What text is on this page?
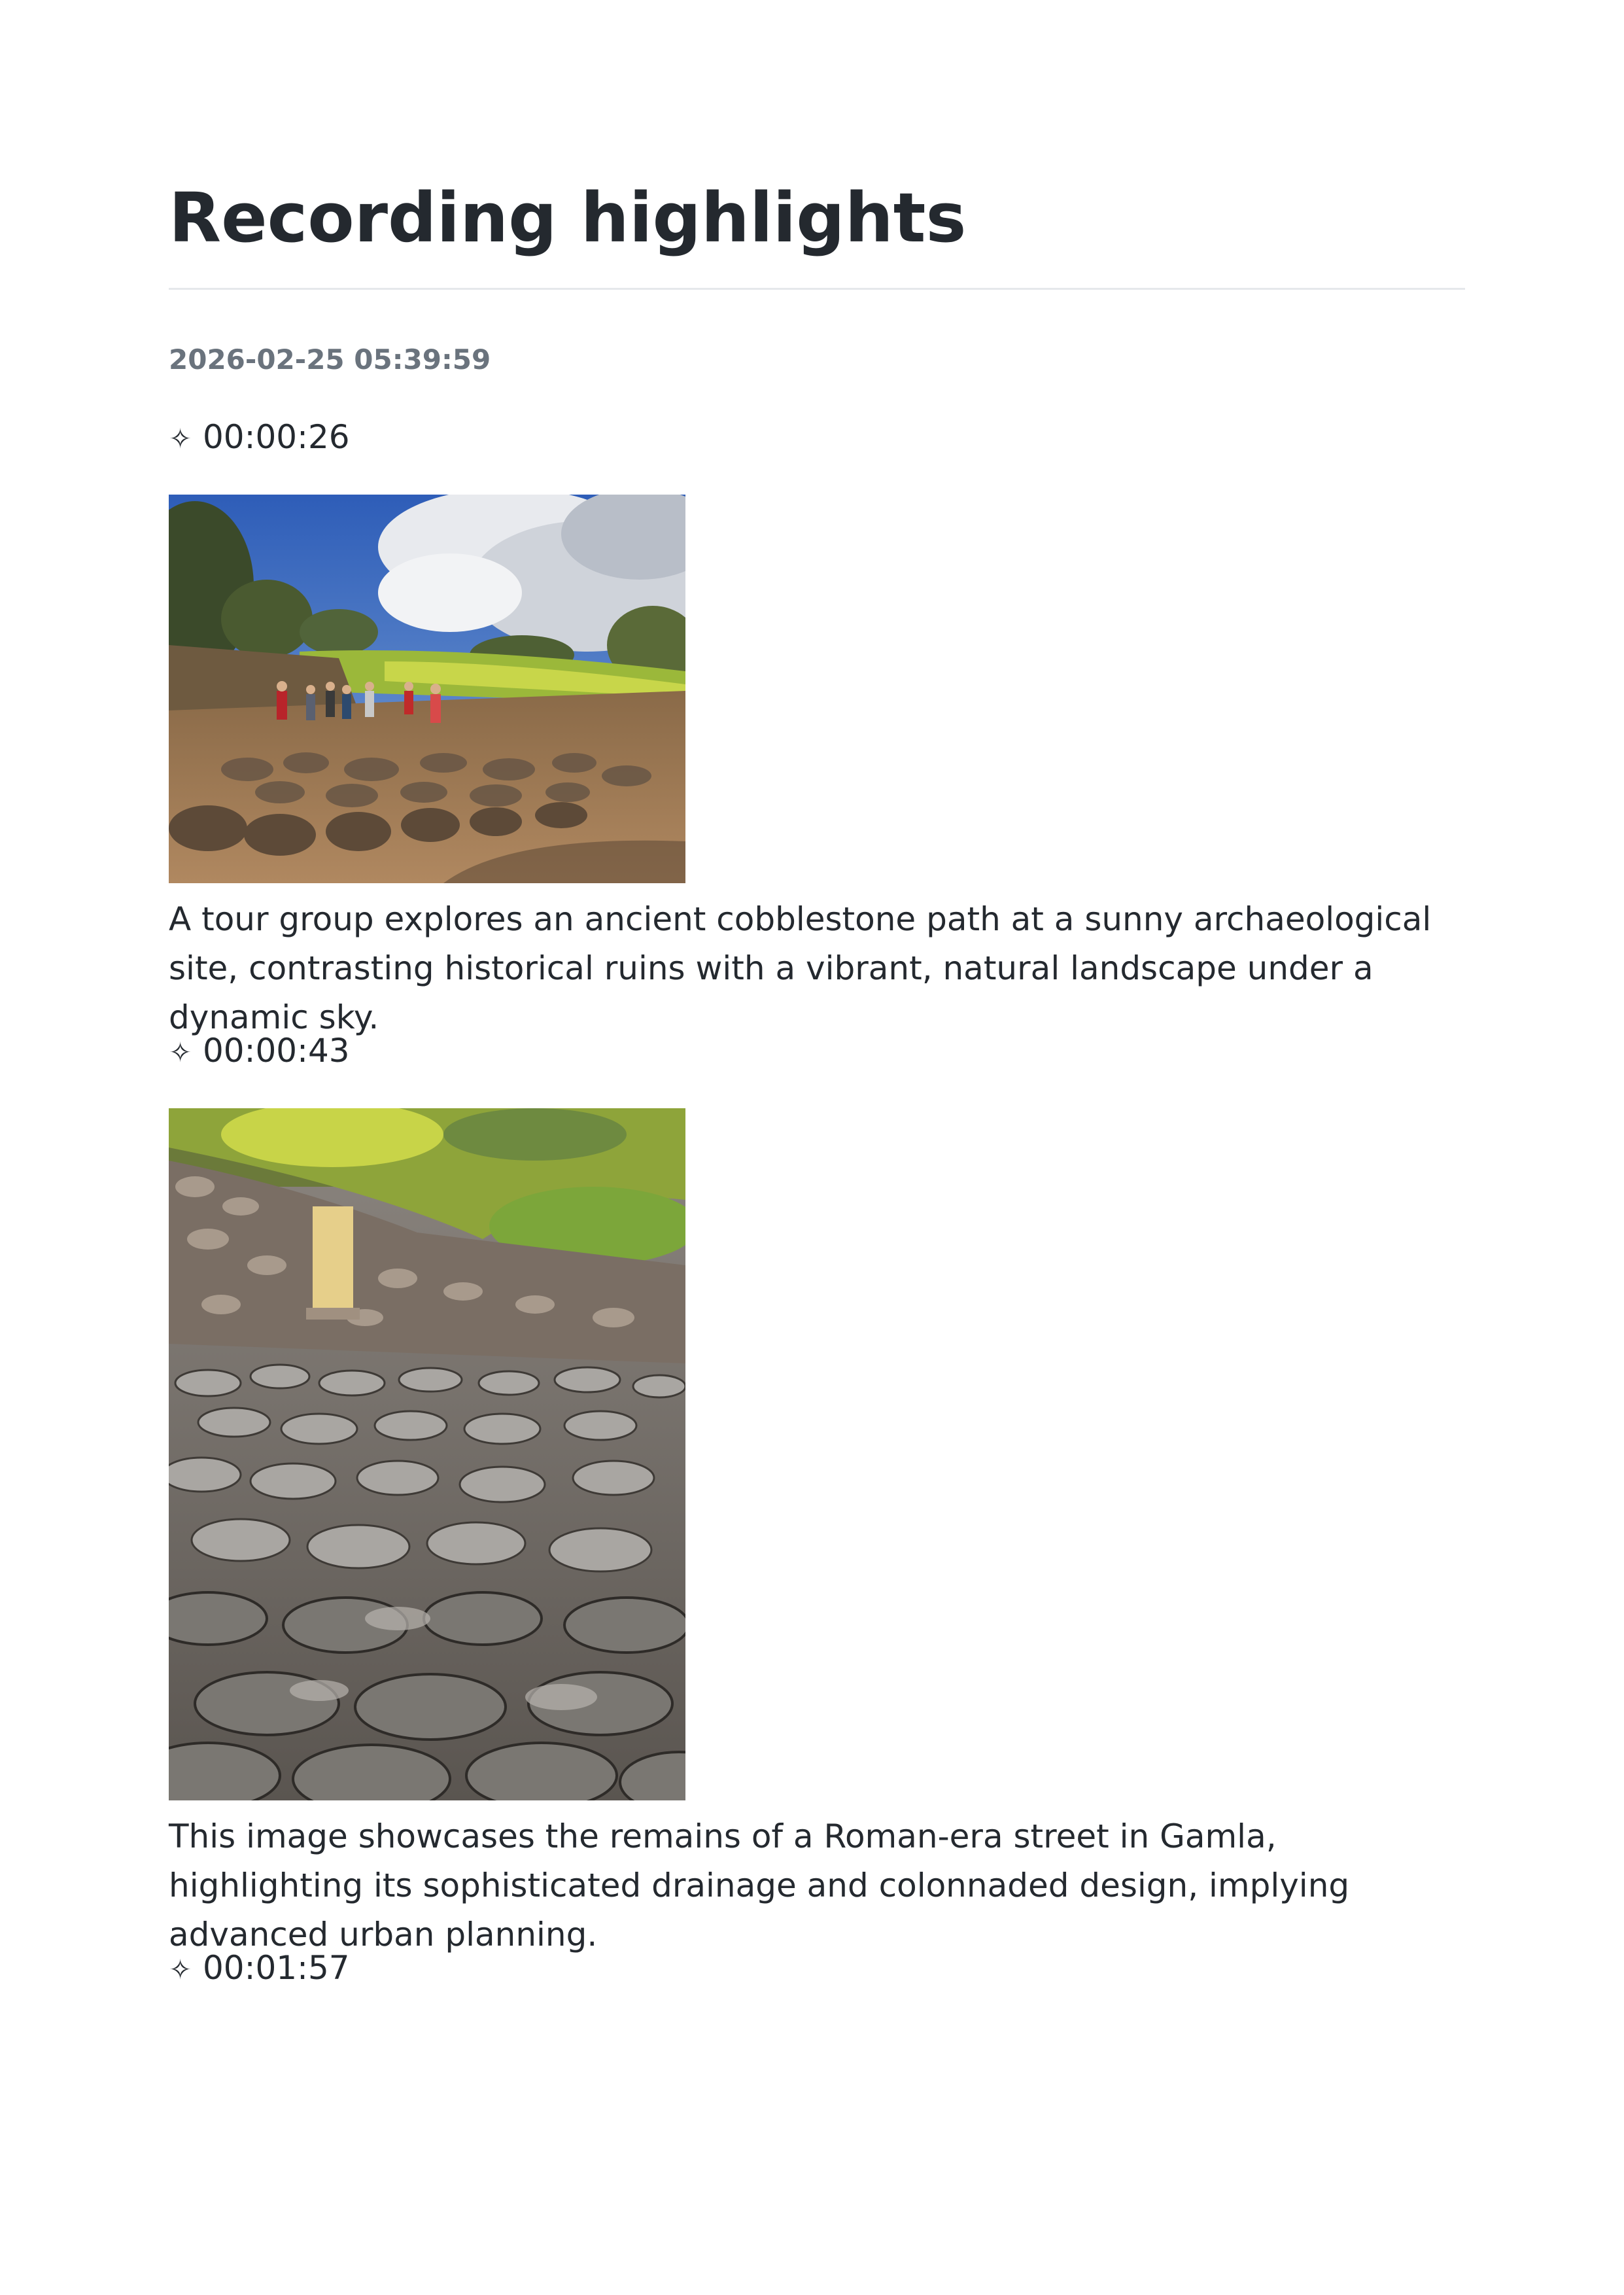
Recording highlights
2026-02-25 05:39:59
✧ 00:00:26
A tour group explores an ancient cobblestone path at a sunny archaeological site, contrasting historical ruins with a vibrant, natural landscape under a dynamic sky.
✧ 00:00:43
This image showcases the remains of a Roman-era street in Gamla, highlighting its sophisticated drainage and colonnaded design, implying advanced urban planning.
✧ 00:01:57
